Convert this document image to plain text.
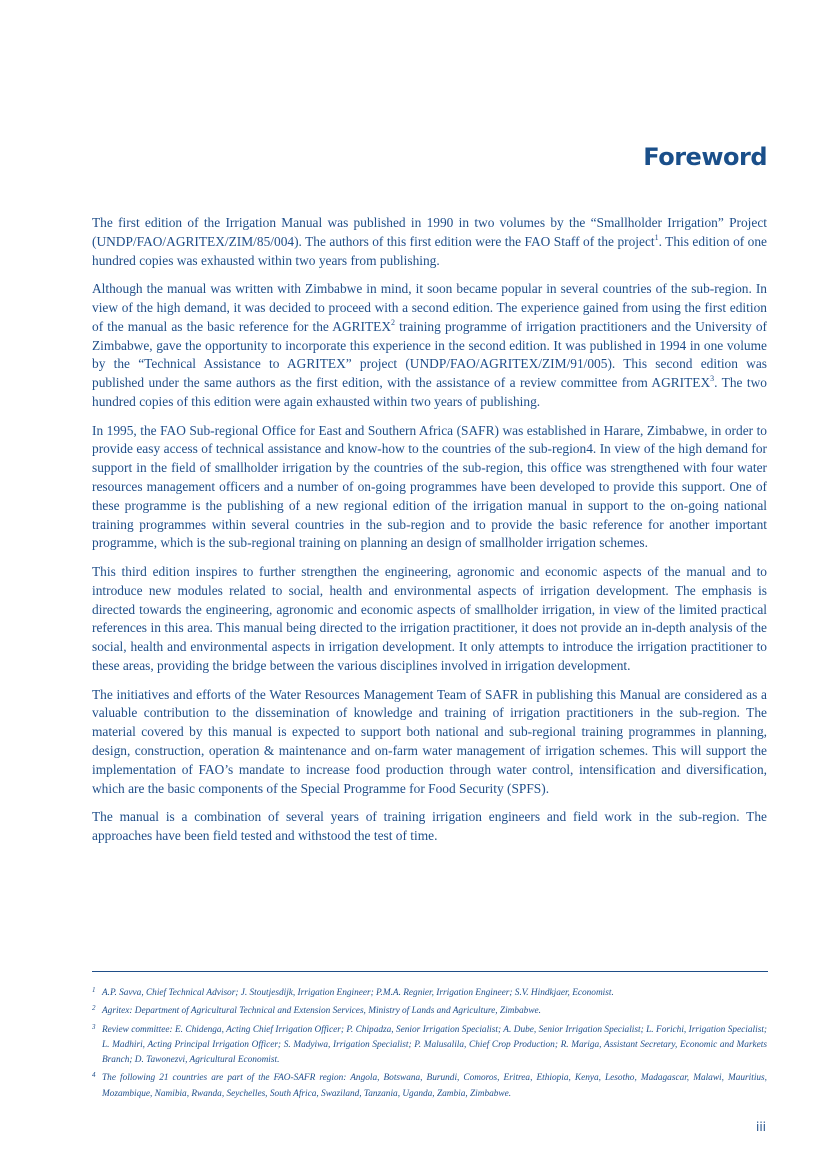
Foreword

The first edition of the Irrigation Manual was published in 1990 in two volumes by the “Smallholder Irrigation” Project (UNDP/FAO/AGRITEX/ZIM/85/004). The authors of this first edition were the FAO Staff of the project$^1$. This edition of one hundred copies was exhausted within two years from publishing.

Although the manual was written with Zimbabwe in mind, it soon became popular in several countries of the sub-region. In view of the high demand, it was decided to proceed with a second edition. The experience gained from using the first edition of the manual as the basic reference for the AGRITEX$^2$ training programme of irrigation practitioners and the University of Zimbabwe, gave the opportunity to incorporate this experience in the second edition. It was published in 1994 in one volume by the “Technical Assistance to AGRITEX” project (UNDP/FAO/AGRITEX/ZIM/91/005). This second edition was published under the same authors as the first edition, with the assistance of a review committee from AGRITEX$^3$. The two hundred copies of this edition were again exhausted within two years of publishing.

In 1995, the FAO Sub-regional Office for East and Southern Africa (SAFR) was established in Harare, Zimbabwe, in order to provide easy access of technical assistance and know-how to the countries of the sub-region4. In view of the high demand for support in the field of smallholder irrigation by the countries of the sub-region, this office was strengthened with four water resources management officers and a number of on-going programmes have been developed to provide this support. One of these programme is the publishing of a new regional edition of the irrigation manual in support to the on-going national training programmes within several countries in the sub-region and to provide the basic reference for another important programme, which is the sub-regional training on planning an design of smallholder irrigation schemes.

This third edition inspires to further strengthen the engineering, agronomic and economic aspects of the manual and to introduce new modules related to social, health and environmental aspects of irrigation development. The emphasis is directed towards the engineering, agronomic and economic aspects of smallholder irrigation, in view of the limited practical references in this area. This manual being directed to the irrigation practitioner, it does not provide an in-depth analysis of the social, health and environmental aspects in irrigation development. It only attempts to introduce the irrigation practitioner to these areas, providing the bridge between the various disciplines involved in irrigation development.

The initiatives and efforts of the Water Resources Management Team of SAFR in publishing this Manual are considered as a valuable contribution to the dissemination of knowledge and training of irrigation practitioners in the sub-region. The material covered by this manual is expected to support both national and sub-regional training programmes in planning, design, construction, operation & maintenance and on-farm water management of irrigation schemes. This will support the implementation of FAO’s mandate to increase food production through water control, intensification and diversification, which are the basic components of the Special Programme for Food Security (SPFS).

The manual is a combination of several years of training irrigation engineers and field work in the sub-region. The approaches have been field tested and withstood the test of time.

1 A.P. Savva, Chief Technical Advisor; J. Stoutjesdijk, Irrigation Engineer; P.M.A. Regnier, Irrigation Engineer; S.V. Hindkjaer, Economist.
2 Agritex: Department of Agricultural Technical and Extension Services, Ministry of Lands and Agriculture, Zimbabwe.
3 Review committee: E. Chidenga, Acting Chief Irrigation Officer; P. Chipadza, Senior Irrigation Specialist; A. Dube, Senior Irrigation Specialist; L. Forichi, Irrigation Specialist; L. Madhiri, Acting Principal Irrigation Officer; S. Madyiwa, Irrigation Specialist; P. Malusalila, Chief Crop Production; R. Mariga, Assistant Secretary, Economic and Markets Branch; D. Tawonezvi, Agricultural Economist.
4 The following 21 countries are part of the FAO-SAFR region: Angola, Botswana, Burundi, Comoros, Eritrea, Ethiopia, Kenya, Lesotho, Madagascar, Malawi, Mauritius, Mozambique, Namibia, Rwanda, Seychelles, South Africa, Swaziland, Tanzania, Uganda, Zambia, Zimbabwe.
iii
